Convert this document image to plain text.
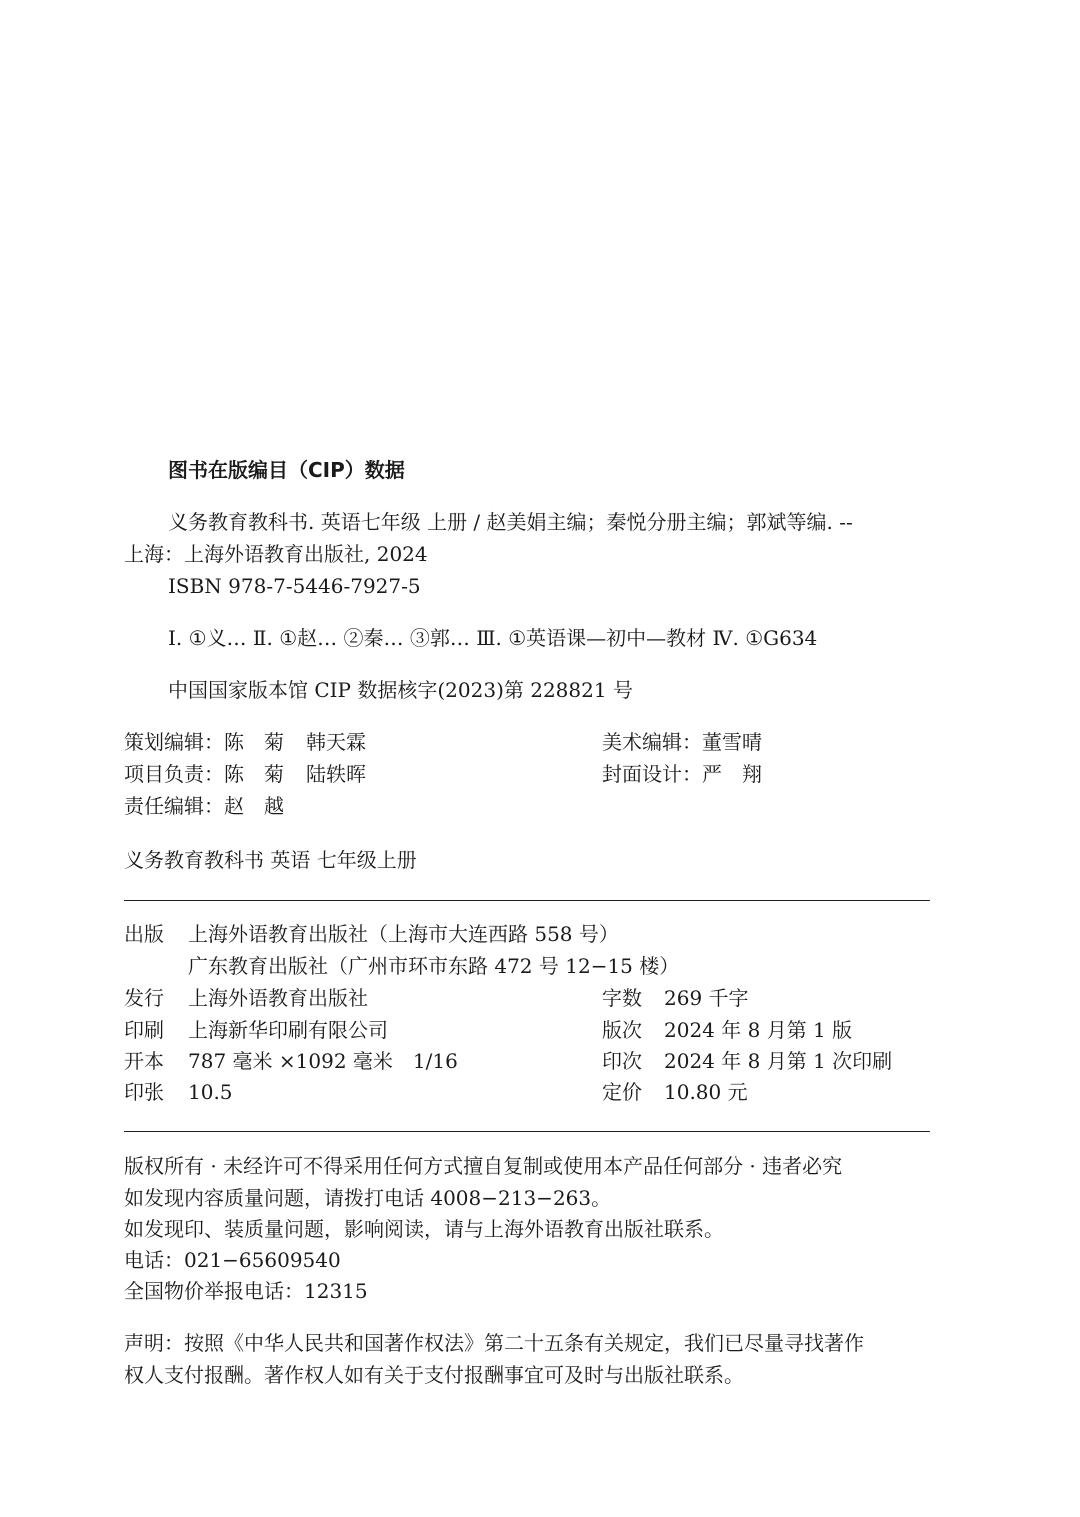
图书在版编目（CIP）数据
义务教育教科书. 英语七年级 上册 / 赵美娟主编；秦悦分册主编；郭斌等编. --
上海：上海外语教育出版社, 2024
ISBN 978-7-5446-7927-5
Ⅰ. ①义… Ⅱ. ①赵… ②秦… ③郭… Ⅲ. ①英语课—初中—教材 Ⅳ. ①G634
中国国家版本馆 CIP 数据核字(2023)第 228821 号
策划编辑：陈　菊 韩天霖	美术编辑：董雪晴
项目负责：陈　菊 陆轶晖	封面设计：严　翔
责任编辑：赵　越
义务教育教科书 英语 七年级上册
出版 上海外语教育出版社（上海市大连西路 558 号）
广东教育出版社（广州市环市东路 472 号 12−15 楼）
发行 上海外语教育出版社	字数 269 千字
印刷 上海新华印刷有限公司	版次 2024 年 8 月第 1 版
开本 787 毫米 ×1092 毫米　1/16	印次 2024 年 8 月第 1 次印刷
印张 10.5	定价 10.80 元
版权所有 · 未经许可不得采用任何方式擅自复制或使用本产品任何部分 · 违者必究
如发现内容质量问题，请拨打电话 4008−213−263。
如发现印、装质量问题，影响阅读，请与上海外语教育出版社联系。
电话：021−65609540
全国物价举报电话：12315
声明：按照《中华人民共和国著作权法》第二十五条有关规定，我们已尽量寻找著作
权人支付报酬。著作权人如有关于支付报酬事宜可及时与出版社联系。
